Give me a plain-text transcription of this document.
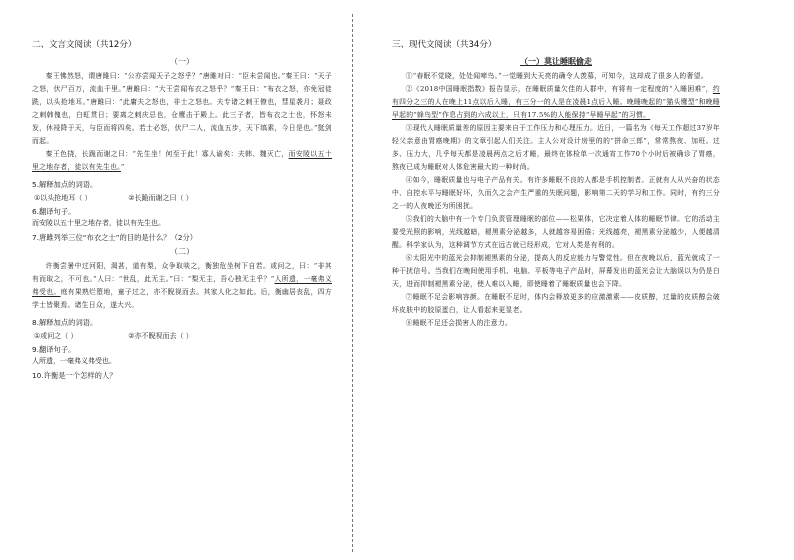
二、文言文阅读（共12分）
（一）

秦王怫然怒，谓唐雎曰：“公亦尝闻天子之怒乎？”唐雎对曰：“臣未尝闻也。”秦王曰：“天子之怒，伏尸百万，流血千里。”唐雎曰：“大王尝闻布衣之怒乎？”秦王曰：“布衣之怒，亦免冠徒跣，以头抢地耳。”唐雎曰：“此庸夫之怒也，非士之怒也。夫专诸之刺王僚也，彗星袭月；聂政之刺韩傀也，白虹贯日；要离之刺庆忌也，仓鹰击于殿上。此三子者，皆布衣之士也，怀怒未发，休祲降于天，与臣而将四矣。若士必怒，伏尸二人，流血五步，天下缟素，今日是也。”挺剑而起。

秦王色挠，长跪而谢之曰：“先生坐！何至于此！寡人谕矣：夫韩、魏灭亡，而安陵以五十里之地存者，徒以有先生也。”

5.解释加点的词语。
①以头抢地耳（ ）	②长跪而谢之曰（ ）
6.翻译句子。
而安陵以五十里之地存者，徒以有先生也。
7.唐雎列举三位“布衣之士”的目的是什么？（2分）
（二）

许衡尝暑中过河阳，渴甚，道有梨，众争取啖之，衡独危坐树下自若。或问之，曰：“非其有而取之，不可也。”人曰：“世乱，此无主。”曰：“梨无主，吾心独无主乎？”人所遗，一毫弗义弗受也。庭有果熟烂堕地，童子过之，亦不睨视而去。其家人化之如此。后，衡幽居丧乱，四方学士皆聚焉。诸生日众，遂大兴。

8.解释加点的词语。
①或问之（ ）	②亦不睨视而去（ ）
9.翻译句子。
人所遗，一毫弗义弗受也。
10.许衡是一个怎样的人？
三、现代文阅读（共34分）
（一）莫让睡眠偷走

①“春眠不觉晓，处处闻啼鸟。”一觉睡到大天亮的确令人羡慕，可知今，这却成了很多人的奢望。

②《2018中国睡眠指数》报告显示，在睡眠质量欠佳的人群中，有将有一定程度的“入睡困难”，约有四分之三的人在晚上11点以后入睡，有三分一的人是在凌晨1点后入睡。晚睡晚起的“猫头鹰型”和晚睡早起的“蜂鸟型”作息占到的六成以上，只有17.5%的人能保持“早睡早起”的习惯。

③现代人睡眠质量差的原因主要来自于工作压力和心理压力。近日，一篇名为《每天工作超过37岁年轻父亲意由胃癌晚期》的文章引起人们关注。主人公对设计房里的的“拼命三郎”，常常熬夜、加班。过多、压力大，几乎每天都是凌晨两点之后才睡，最终在体检单一次通宵工作70个小时后被确诊了胃癌，熬夜已成为睡眠对人体危害最大的一种时尚。

④如今，睡眠质量也与电子产品有关。有许多睡眠不良的人都是手机控制者。正就有人从兴奋的状态中、自控水平与睡眠好坏，久而久之会产生严重的失眠问题，影响第二天的学习和工作。同时，有约三分之一的人夜晚还为所困扰。

⑤我们的大脑中有一个专门负责管理睡眠的部位——松果体，它决定着人体的睡眠节律。它的活动主要受光照的影响，光线越暗，褪黑素分泌越多，人就越容易困倦；光线越亮，褪黑素分泌越少，人便越清醒。科学家认为，这种调节方式在远古就已经形成，它对人类是有利的。

⑥太阳光中的蓝光会抑制褪黑素的分泌，提高人的反应能力与警觉性。但在夜晚以后，蓝光就成了一种干扰信号。当我们在晚间使用手机、电脑、平板等电子产品时，屏幕发出的蓝光会让大脑误以为仍是白天，进而抑制褪黑素分泌，使人难以入睡，即使睡着了睡眠质量也会下降。

⑦睡眠不足会影响容颜。在睡眠不足时，体内会释放更多的应激激素——皮质醇，过量的皮质醇会破坏皮肤中的胶原蛋白，让人看起来更显老。

⑧睡眠不足还会损害人的注意力。
